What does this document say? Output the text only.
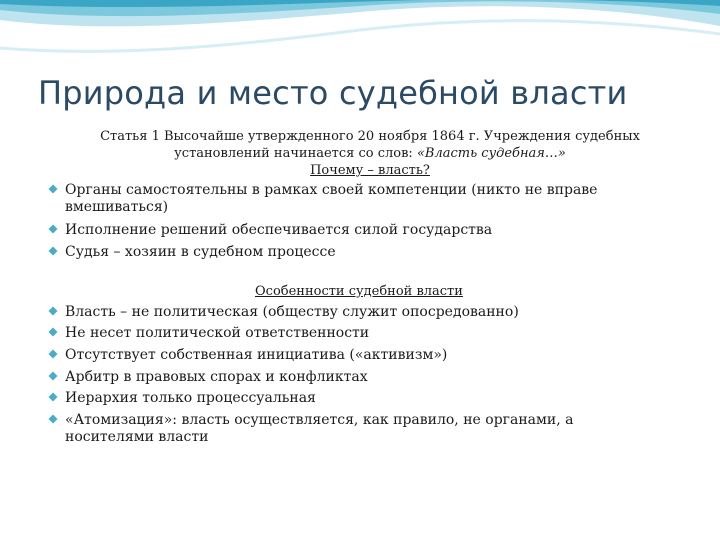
Природа и место судебной власти
Статья 1 Высочайше утвержденного 20 ноября 1864 г. Учреждения судебных
установлений начинается со слов: «Власть судебная…»
Почему – власть?
Органы самостоятельны в рамках своей компетенции (никто не вправе вмешиваться)
Исполнение решений обеспечивается силой государства
Судья – хозяин в судебном процессе
Особенности судебной власти
Власть – не политическая (обществу служит опосредованно)
Не несет политической ответственности
Отсутствует собственная инициатива («активизм»)
Арбитр в правовых спорах и конфликтах
Иерархия только процессуальная
«Атомизация»: власть осуществляется, как правило, не органами, а носителями власти
